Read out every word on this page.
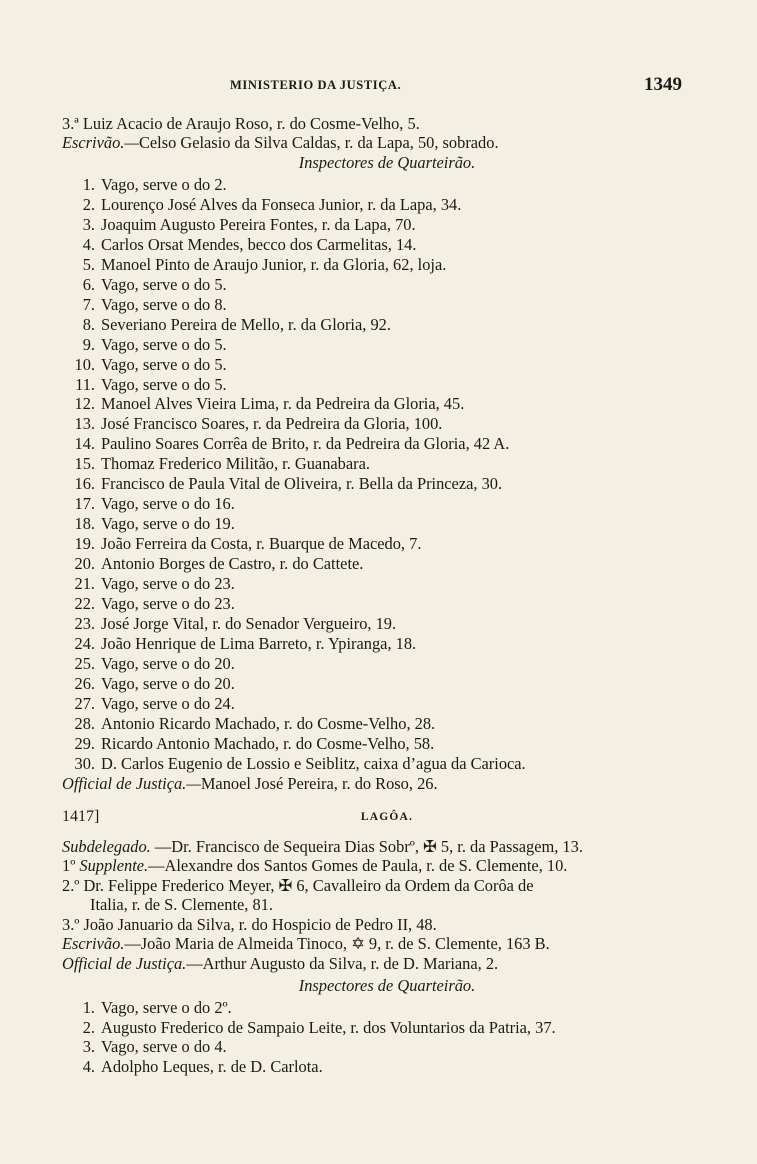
MINISTERIO DA JUSTIÇA.	1349
3.ª Luiz Acacio de Araujo Roso, r. do Cosme-Velho, 5.
Escrivão.—Celso Gelasio da Silva Caldas, r. da Lapa, 50, sobrado.
Inspectores de Quarteirão.
1. Vago, serve o do 2.
2. Lourenço José Alves da Fonseca Junior, r. da Lapa, 34.
3. Joaquim Augusto Pereira Fontes, r. da Lapa, 70.
4. Carlos Orsat Mendes, becco dos Carmelitas, 14.
5. Manoel Pinto de Araujo Junior, r. da Gloria, 62, loja.
6. Vago, serve o do 5.
7. Vago, serve o do 8.
8. Severiano Pereira de Mello, r. da Gloria, 92.
9. Vago, serve o do 5.
10. Vago, serve o do 5.
11. Vago, serve o do 5.
12. Manoel Alves Vieira Lima, r. da Pedreira da Gloria, 45.
13. José Francisco Soares, r. da Pedreira da Gloria, 100.
14. Paulino Soares Corrêa de Brito, r. da Pedreira da Gloria, 42 A.
15. Thomaz Frederico Militão, r. Guanabara.
16. Francisco de Paula Vital de Oliveira, r. Bella da Princeza, 30.
17. Vago, serve o do 16.
18. Vago, serve o do 19.
19. João Ferreira da Costa, r. Buarque de Macedo, 7.
20. Antonio Borges de Castro, r. do Cattete.
21. Vago, serve o do 23.
22. Vago, serve o do 23.
23. José Jorge Vital, r. do Senador Vergueiro, 19.
24. João Henrique de Lima Barreto, r. Ypiranga, 18.
25. Vago, serve o do 20.
26. Vago, serve o do 20.
27. Vago, serve o do 24.
28. Antonio Ricardo Machado, r. do Cosme-Velho, 28.
29. Ricardo Antonio Machado, r. do Cosme-Velho, 58.
30. D. Carlos Eugenio de Lossio e Seiblitz, caixa d’agua da Carioca.
Official de Justiça.—Manoel José Pereira, r. do Roso, 26.
1417]	LAGÔA.
Subdelegado. —Dr. Francisco de Sequeira Dias Sobrº, ✠ 5, r. da Passagem, 13.
1º Supplente.—Alexandre dos Santos Gomes de Paula, r. de S. Clemente, 10.
2.º Dr. Felippe Frederico Meyer, ✠ 6, Cavalleiro da Ordem da Corôa de
Italia, r. de S. Clemente, 81.
3.º João Januario da Silva, r. do Hospicio de Pedro II, 48.
Escrivão.—João Maria de Almeida Tinoco, ✡ 9, r. de S. Clemente, 163 B.
Official de Justiça.—Arthur Augusto da Silva, r. de D. Mariana, 2.
Inspectores de Quarteirão.
1. Vago, serve o do 2º.
2. Augusto Frederico de Sampaio Leite, r. dos Voluntarios da Patria, 37.
3. Vago, serve o do 4.
4. Adolpho Leques, r. de D. Carlota.
